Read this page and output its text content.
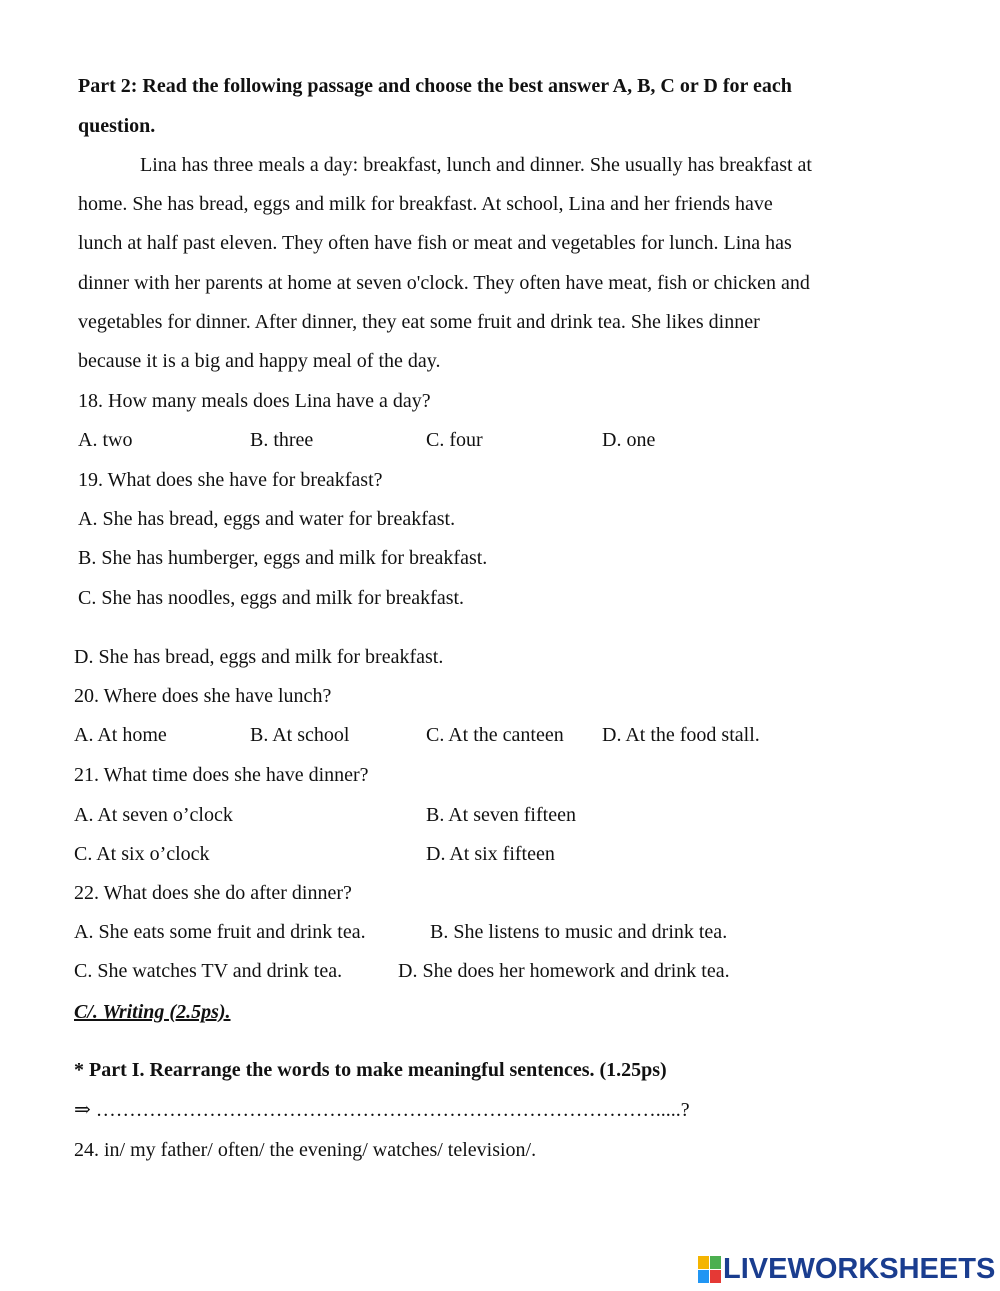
Part 2: Read the following passage and choose the best answer A, B, C or D for each
question.
Lina has three meals a day: breakfast, lunch and dinner. She usually has breakfast at
home. She has bread, eggs and milk for breakfast. At school, Lina and her friends have
lunch at half past eleven. They often have fish or meat and vegetables for lunch. Lina has
dinner with her parents at home at seven o'clock. They often have meat, fish or chicken and
vegetables for dinner. After dinner, they eat some fruit and drink tea. She likes dinner
because it is a big and happy meal of the day.
18. How many meals does Lina have a day?
A. two	B. three	C. four	D. one
19. What does she have for breakfast?
A. She has bread, eggs and water for breakfast.
B. She has humberger, eggs and milk for breakfast.
C. She has noodles, eggs and milk for breakfast.
D. She has bread, eggs and milk for breakfast.
20. Where does she have lunch?
A. At home	B. At school	C. At the canteen D. At the food stall.
21. What time does she have dinner?
A. At seven o’clock	B. At seven fifteen
C. At six o’clock	D. At six fifteen
22. What does she do after dinner?
A. She eats some fruit and drink tea.	B. She listens to music and drink tea.
C. She watches TV and drink tea.	D. She does her homework and drink tea.
C/. Writing (2.5ps).
* Part I. Rearrange the words to make meaningful sentences. (1.25ps)
⇒ ………………………………………………………………………….....?
24. in/ my father/ often/ the evening/ watches/ television/.
LIVEWORKSHEETS
